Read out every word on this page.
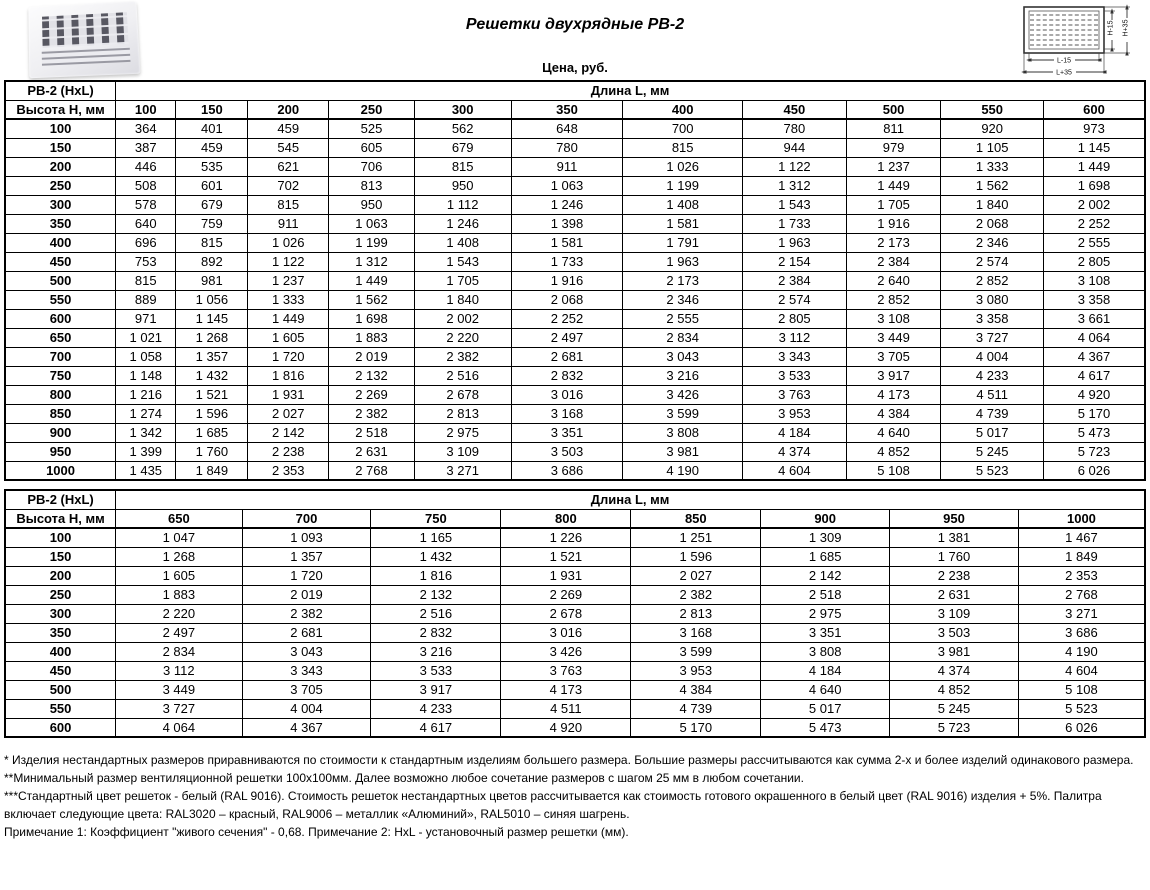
Решетки двухрядные РВ-2
Цена, руб.	L-15
L+35
H-15 H+35
РВ-2 (HxL)	Длина L, мм										
Высота H, мм	100	150	200	250	300	350	400	450	500	550	600
100	364	401	459	525	562	648	700	780	811	920	973
150	387	459	545	605	679	780	815	944	979	1 105	1 145
200	446	535	621	706	815	911	1 026	1 122	1 237	1 333	1 449
250	508	601	702	813	950	1 063	1 199	1 312	1 449	1 562	1 698
300	578	679	815	950	1 112	1 246	1 408	1 543	1 705	1 840	2 002
350	640	759	911	1 063	1 246	1 398	1 581	1 733	1 916	2 068	2 252
400	696	815	1 026	1 199	1 408	1 581	1 791	1 963	2 173	2 346	2 555
450	753	892	1 122	1 312	1 543	1 733	1 963	2 154	2 384	2 574	2 805
500	815	981	1 237	1 449	1 705	1 916	2 173	2 384	2 640	2 852	3 108
550	889	1 056	1 333	1 562	1 840	2 068	2 346	2 574	2 852	3 080	3 358
600	971	1 145	1 449	1 698	2 002	2 252	2 555	2 805	3 108	3 358	3 661
650	1 021	1 268	1 605	1 883	2 220	2 497	2 834	3 112	3 449	3 727	4 064
700	1 058	1 357	1 720	2 019	2 382	2 681	3 043	3 343	3 705	4 004	4 367
750	1 148	1 432	1 816	2 132	2 516	2 832	3 216	3 533	3 917	4 233	4 617
800	1 216	1 521	1 931	2 269	2 678	3 016	3 426	3 763	4 173	4 511	4 920
850	1 274	1 596	2 027	2 382	2 813	3 168	3 599	3 953	4 384	4 739	5 170
900	1 342	1 685	2 142	2 518	2 975	3 351	3 808	4 184	4 640	5 017	5 473
950	1 399	1 760	2 238	2 631	3 109	3 503	3 981	4 374	4 852	5 245	5 723
1000	1 435	1 849	2 353	2 768	3 271	3 686	4 190	4 604	5 108	5 523	6 026
РВ-2 (HxL)	Длина L, мм							
Высота H, мм	650	700	750	800	850	900	950	1000
100	1 047	1 093	1 165	1 226	1 251	1 309	1 381	1 467
150	1 268	1 357	1 432	1 521	1 596	1 685	1 760	1 849
200	1 605	1 720	1 816	1 931	2 027	2 142	2 238	2 353
250	1 883	2 019	2 132	2 269	2 382	2 518	2 631	2 768
300	2 220	2 382	2 516	2 678	2 813	2 975	3 109	3 271
350	2 497	2 681	2 832	3 016	3 168	3 351	3 503	3 686
400	2 834	3 043	3 216	3 426	3 599	3 808	3 981	4 190
450	3 112	3 343	3 533	3 763	3 953	4 184	4 374	4 604
500	3 449	3 705	3 917	4 173	4 384	4 640	4 852	5 108
550	3 727	4 004	4 233	4 511	4 739	5 017	5 245	5 523
600	4 064	4 367	4 617	4 920	5 170	5 473	5 723	6 026
* Изделия нестандартных размеров приравниваются по стоимости к стандартным изделиям большего размера. Большие размеры рассчитываются как сумма 2-х и более изделий одинакового размера.
**Минимальный размер вентиляционной решетки 100х100мм. Далее возможно любое сочетание размеров с шагом 25 мм в любом сочетании.
***Стандартный цвет решеток - белый (RAL 9016). Стоимость решеток нестандартных цветов рассчитывается как стоимость готового окрашенного в белый цвет (RAL 9016) изделия + 5%. Палитра включает следующие цвета: RAL3020 – красный, RAL9006 – металлик «Алюминий», RAL5010 – синяя шагрень.
Примечание 1: Коэффициент "живого сечения" - 0,68. Примечание 2: HxL - установочный размер решетки (мм).
